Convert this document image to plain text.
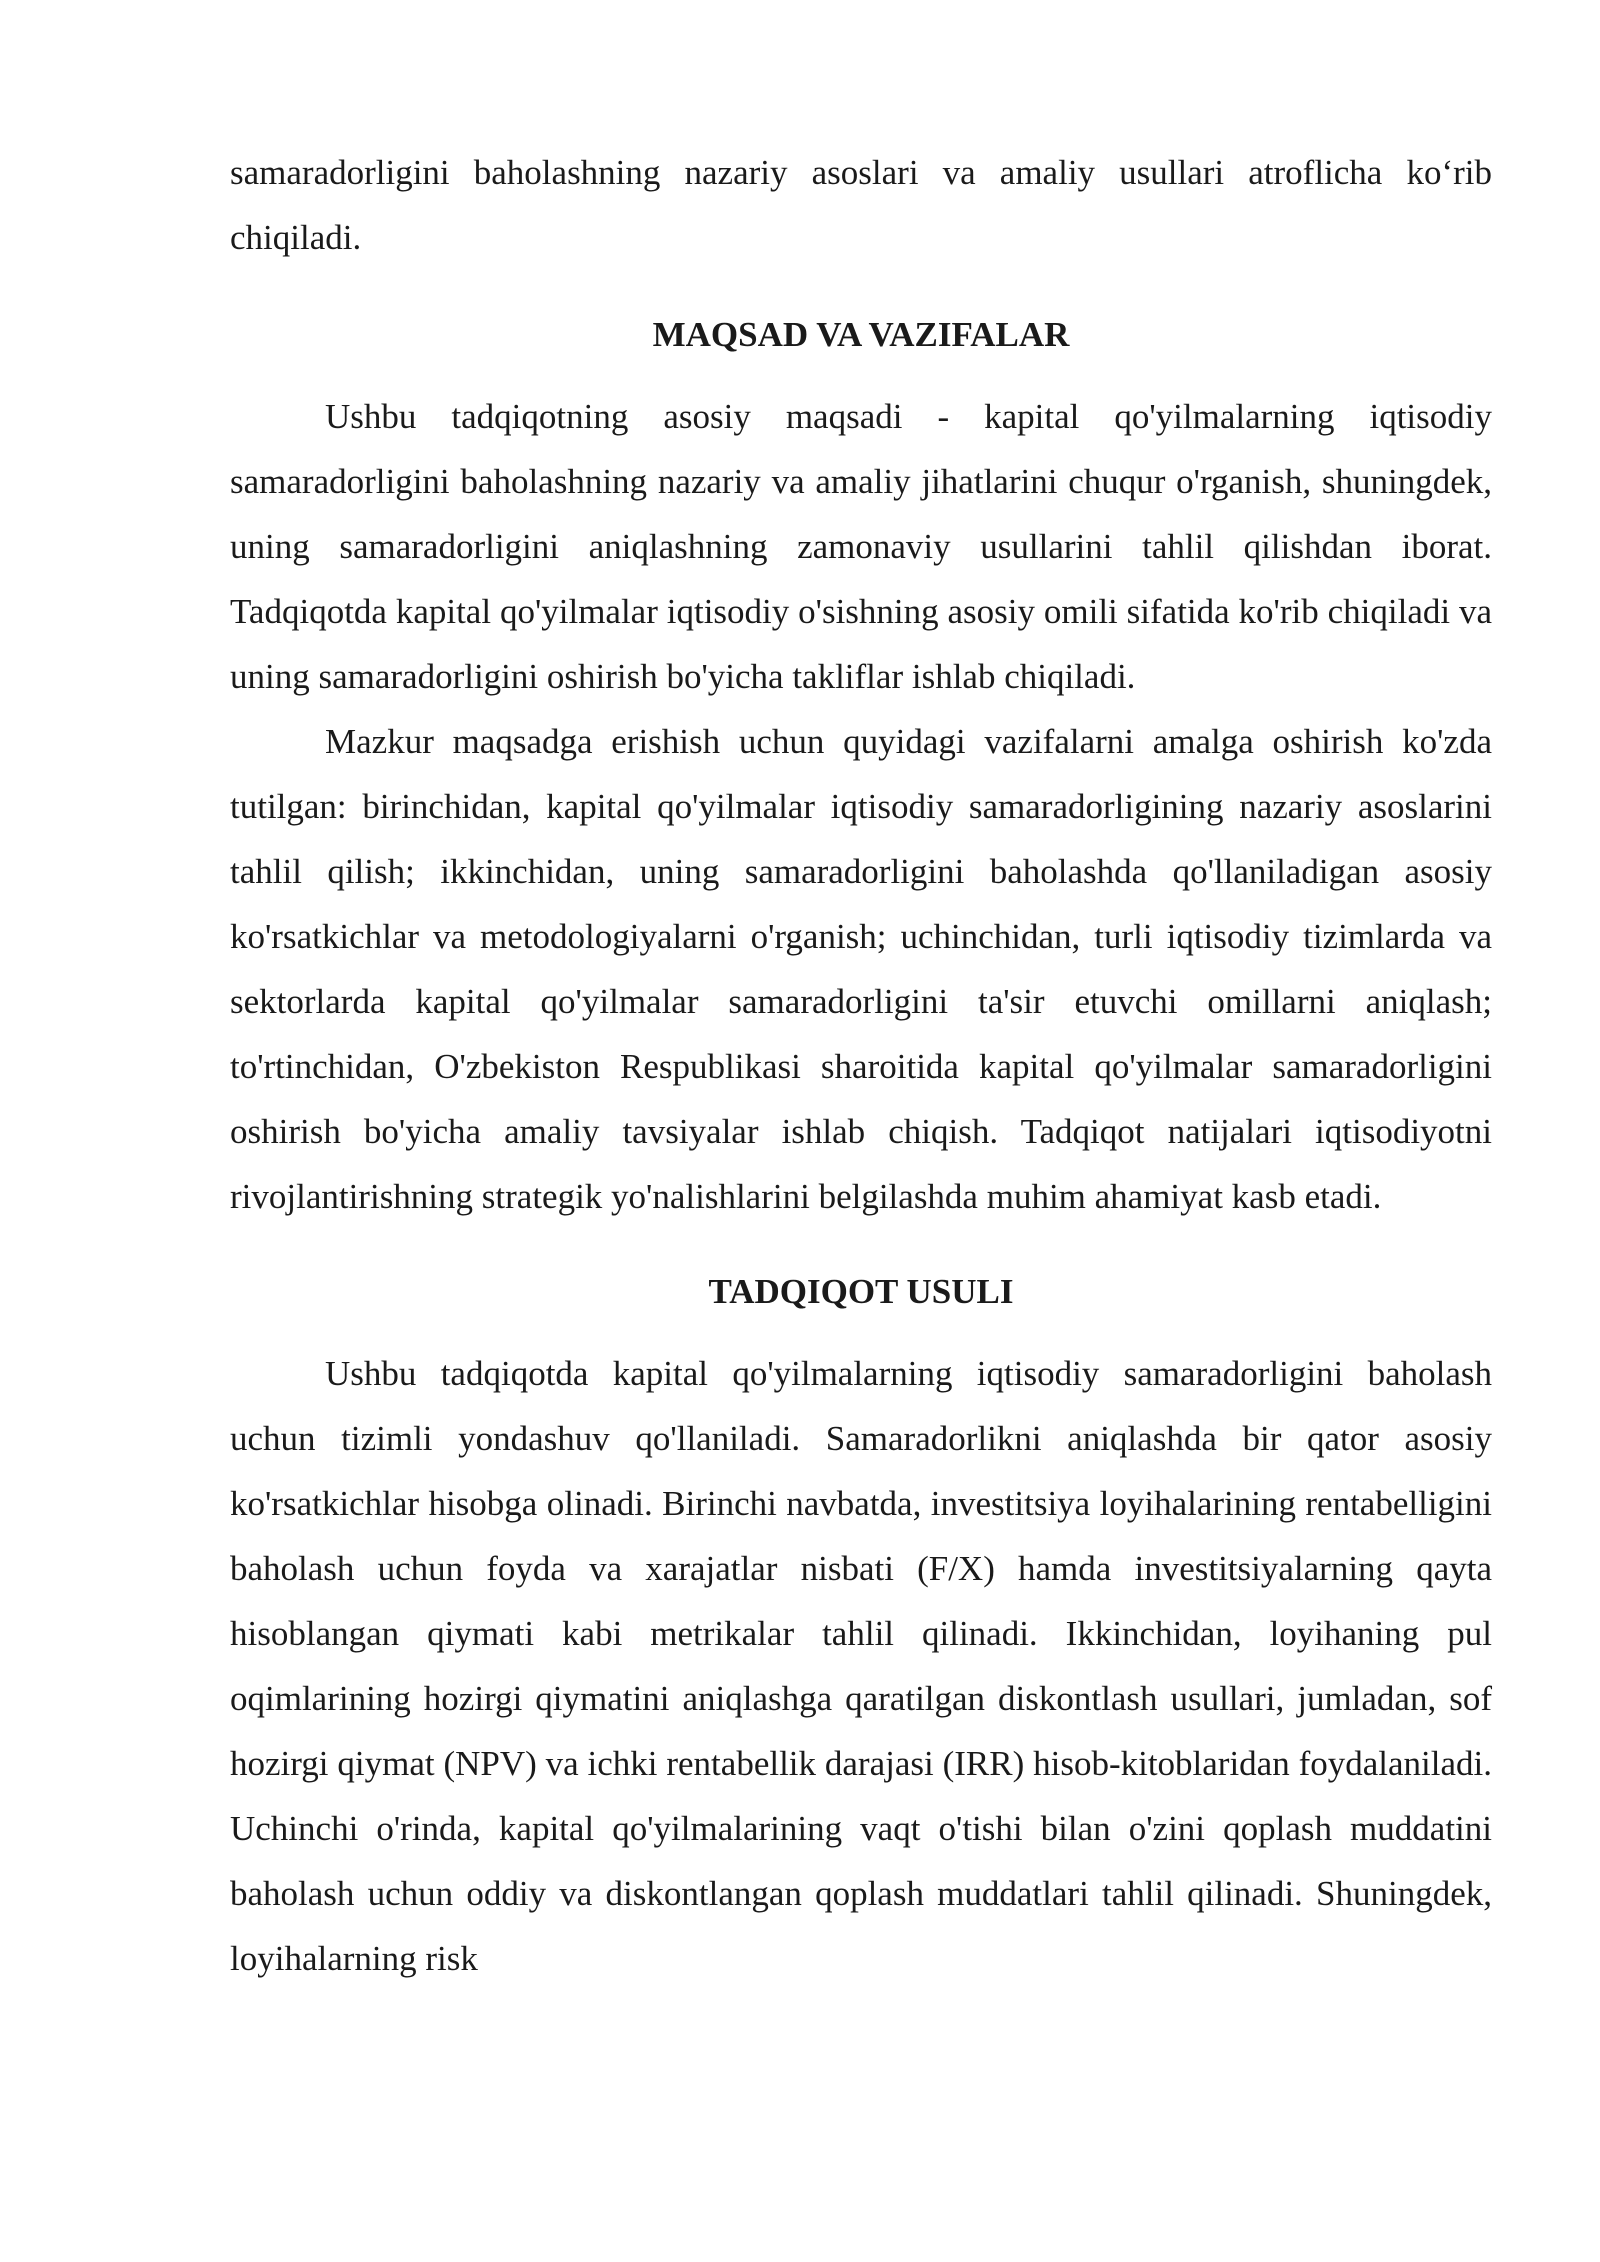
samaradorligini baholashning nazariy asoslari va amaliy usullari atroflicha ko‘rib chiqiladi.

MAQSAD VA VAZIFALAR

Ushbu tadqiqotning asosiy maqsadi - kapital qo'yilmalarning iqtisodiy samaradorligini baholashning nazariy va amaliy jihatlarini chuqur o'rganish, shuningdek, uning samaradorligini aniqlashning zamonaviy usullarini tahlil qilishdan iborat. Tadqiqotda kapital qo'yilmalar iqtisodiy o'sishning asosiy omili sifatida ko'rib chiqiladi va uning samaradorligini oshirish bo'yicha takliflar ishlab chiqiladi.

Mazkur maqsadga erishish uchun quyidagi vazifalarni amalga oshirish ko'zda tutilgan: birinchidan, kapital qo'yilmalar iqtisodiy samaradorligining nazariy asoslarini tahlil qilish; ikkinchidan, uning samaradorligini baholashda qo'llaniladigan asosiy ko'rsatkichlar va metodologiyalarni o'rganish; uchinchidan, turli iqtisodiy tizimlarda va sektorlarda kapital qo'yilmalar samaradorligini ta'sir etuvchi omillarni aniqlash; to'rtinchidan, O'zbekiston Respublikasi sharoitida kapital qo'yilmalar samaradorligini oshirish bo'yicha amaliy tavsiyalar ishlab chiqish. Tadqiqot natijalari iqtisodiyotni rivojlantirishning strategik yo'nalishlarini belgilashda muhim ahamiyat kasb etadi.

TADQIQOT USULI

Ushbu tadqiqotda kapital qo'yilmalarning iqtisodiy samaradorligini baholash uchun tizimli yondashuv qo'llaniladi. Samaradorlikni aniqlashda bir qator asosiy ko'rsatkichlar hisobga olinadi. Birinchi navbatda, investitsiya loyihalarining rentabelligini baholash uchun foyda va xarajatlar nisbati (F/X) hamda investitsiyalarning qayta hisoblangan qiymati kabi metrikalar tahlil qilinadi. Ikkinchidan, loyihaning pul oqimlarining hozirgi qiymatini aniqlashga qaratilgan diskontlash usullari, jumladan, sof hozirgi qiymat (NPV) va ichki rentabellik darajasi (IRR) hisob-kitoblaridan foydalaniladi. Uchinchi o'rinda, kapital qo'yilmalarining vaqt o'tishi bilan o'zini qoplash muddatini baholash uchun oddiy va diskontlangan qoplash muddatlari tahlil qilinadi. Shuningdek, loyihalarning risk
